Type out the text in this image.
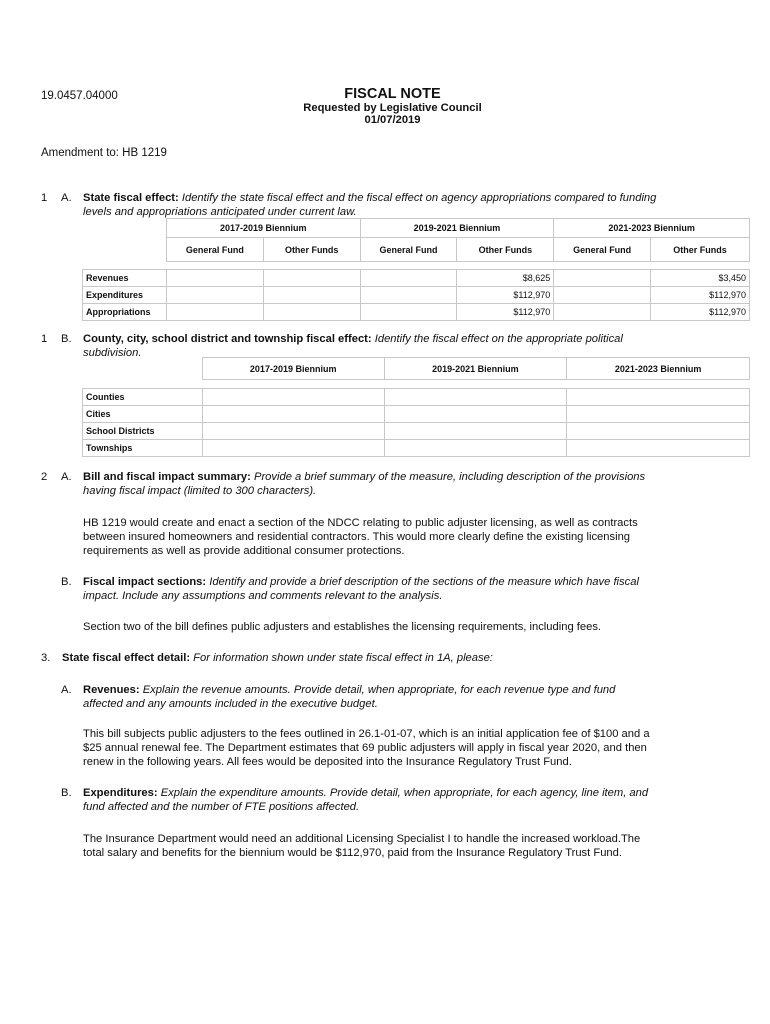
19.0457.04000	FISCAL NOTE
Requested by Legislative Council
01/07/2019
Amendment to: HB 1219
1 A. State fiscal effect: Identify the state fiscal effect and the fiscal effect on agency appropriations compared to funding
levels and appropriations anticipated under current law.
	2017-2019 Biennium		2019-2021 Biennium		2021-2023 Biennium	
	General Fund	Other Funds	General Fund	Other Funds	General Fund	Other Funds

Revenues				$8,625		$3,450
Expenditures				$112,970		$112,970
Appropriations				$112,970		$112,970
1 B. County, city, school district and township fiscal effect: Identify the fiscal effect on the appropriate political
subdivision.
	2017-2019 Biennium	2019-2021 Biennium	2021-2023 Biennium

Counties			
Cities			
School Districts			
Townships			
2 A. Bill and fiscal impact summary: Provide a brief summary of the measure, including description of the provisions
having fiscal impact (limited to 300 characters).
HB 1219 would create and enact a section of the NDCC relating to public adjuster licensing, as well as contracts
between insured homeowners and residential contractors. This would more clearly define the existing licensing
requirements as well as provide additional consumer protections.
B. Fiscal impact sections: Identify and provide a brief description of the sections of the measure which have fiscal
impact. Include any assumptions and comments relevant to the analysis.
Section two of the bill defines public adjusters and establishes the licensing requirements, including fees.
3. State fiscal effect detail: For information shown under state fiscal effect in 1A, please:
A. Revenues: Explain the revenue amounts. Provide detail, when appropriate, for each revenue type and fund
affected and any amounts included in the executive budget.
This bill subjects public adjusters to the fees outlined in 26.1-01-07, which is an initial application fee of $100 and a
$25 annual renewal fee. The Department estimates that 69 public adjusters will apply in fiscal year 2020, and then
renew in the following years. All fees would be deposited into the Insurance Regulatory Trust Fund.
B. Expenditures: Explain the expenditure amounts. Provide detail, when appropriate, for each agency, line item, and
fund affected and the number of FTE positions affected.
The Insurance Department would need an additional Licensing Specialist I to handle the increased workload.The
total salary and benefits for the biennium would be $112,970, paid from the Insurance Regulatory Trust Fund.
